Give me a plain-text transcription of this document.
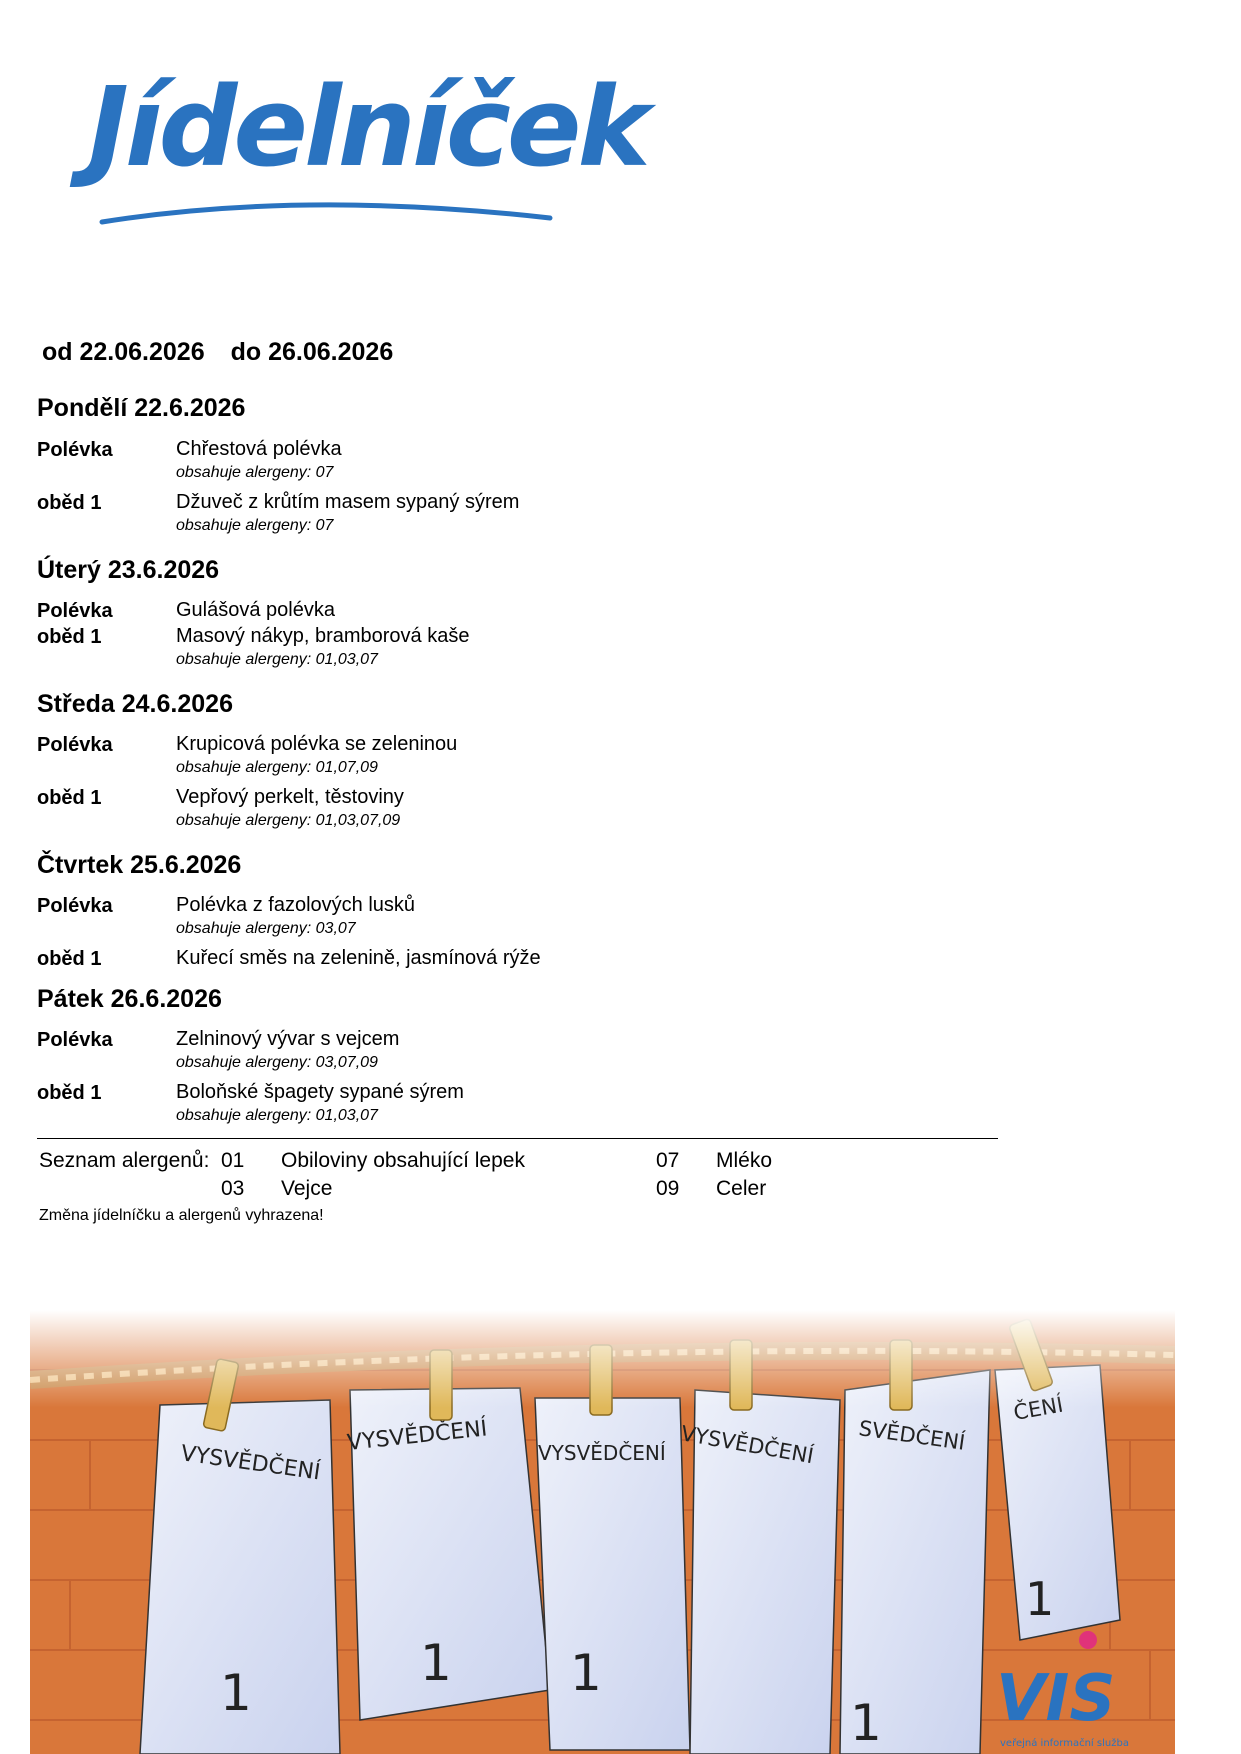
Jídelníček
od 22.06.2026 do 26.06.2026
Pondělí 22.6.2026
Polévka	Chřestová polévka
obsahuje alergeny: 07
oběd 1	Džuveč z krůtím masem sypaný sýrem
obsahuje alergeny: 07
Úterý 23.6.2026
Polévka	Gulášová polévka
oběd 1	Masový nákyp, bramborová kaše
obsahuje alergeny: 01,03,07
Středa 24.6.2026
Polévka	Krupicová polévka se zeleninou
obsahuje alergeny: 01,07,09
oběd 1	Vepřový perkelt, těstoviny
obsahuje alergeny: 01,03,07,09
Čtvrtek 25.6.2026
Polévka	Polévka z fazolových lusků
obsahuje alergeny: 03,07
oběd 1	Kuřecí směs na zelenině, jasmínová rýže
Pátek 26.6.2026
Polévka	Zelninový vývar s vejcem
obsahuje alergeny: 03,07,09
oběd 1	Boloňské špagety sypané sýrem
obsahuje alergeny: 01,03,07
Seznam alergenů: 01 Obiloviny obsahující lepek	07 Mléko
03 Vejce	09 Celer
Změna jídelníčku a alergenů vyhrazena!
VIS
veřejná informační služba
